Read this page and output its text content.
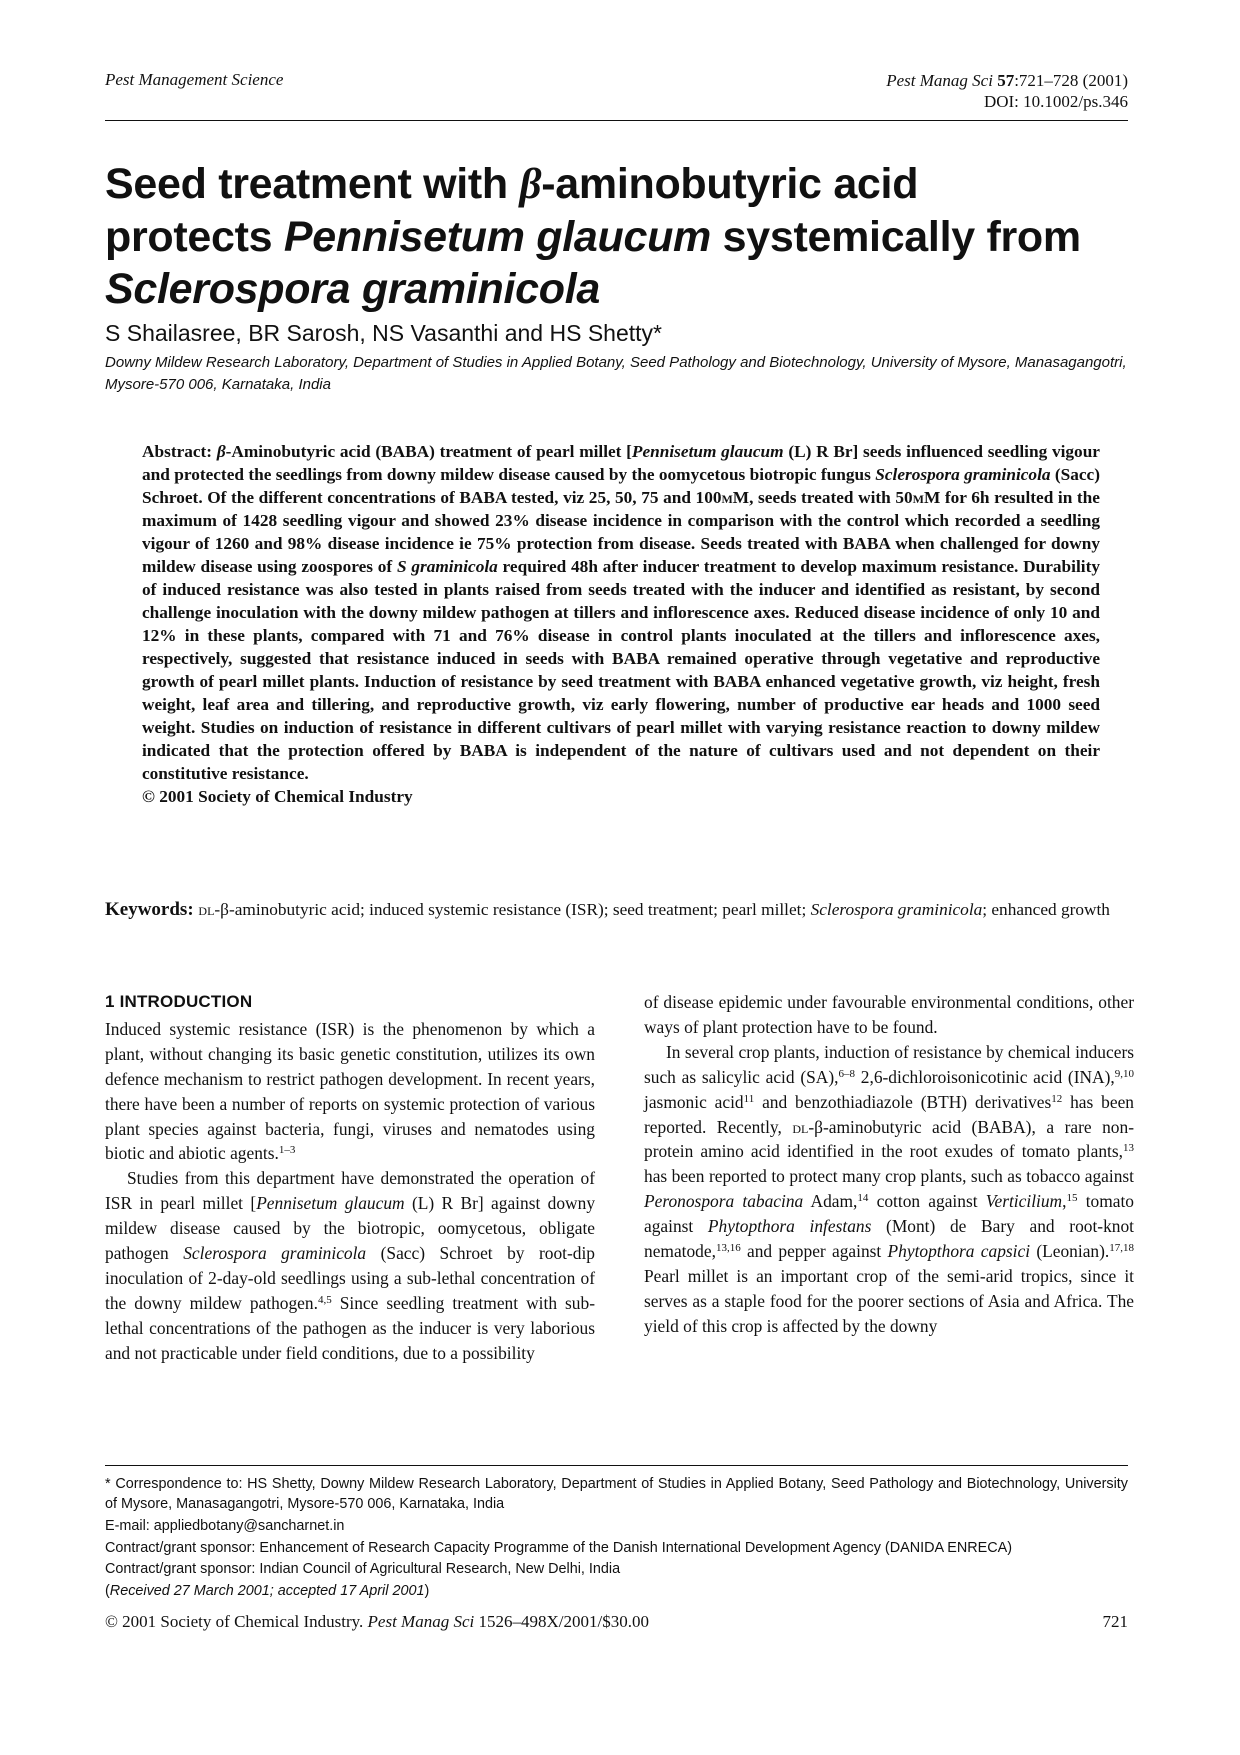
Pest Management Science	Pest Manag Sci 57:721–728 (2001)
DOI: 10.1002/ps.346
Seed treatment with β-aminobutyric acid
protects Pennisetum glaucum systemically from
Sclerospora graminicola
S Shailasree, BR Sarosh, NS Vasanthi and HS Shetty*
Downy Mildew Research Laboratory, Department of Studies in Applied Botany, Seed Pathology and Biotechnology, University of Mysore, Manasagangotri, Mysore-570 006, Karnataka, India
Abstract: β-Aminobutyric acid (BABA) treatment of pearl millet [Pennisetum glaucum (L) R Br] seeds influenced seedling vigour and protected the seedlings from downy mildew disease caused by the oomycetous biotropic fungus Sclerospora graminicola (Sacc) Schroet. Of the different concentrations of BABA tested, viz 25, 50, 75 and 100mM, seeds treated with 50mM for 6h resulted in the maximum of 1428 seedling vigour and showed 23% disease incidence in comparison with the control which recorded a seedling vigour of 1260 and 98% disease incidence ie 75% protection from disease. Seeds treated with BABA when challenged for downy mildew disease using zoospores of S graminicola required 48h after inducer treatment to develop maximum resistance. Durability of induced resistance was also tested in plants raised from seeds treated with the inducer and identified as resistant, by second challenge inoculation with the downy mildew pathogen at tillers and inflorescence axes. Reduced disease incidence of only 10 and 12% in these plants, compared with 71 and 76% disease in control plants inoculated at the tillers and inflorescence axes, respectively, suggested that resistance induced in seeds with BABA remained operative through vegetative and reproductive growth of pearl millet plants. Induction of resistance by seed treatment with BABA enhanced vegetative growth, viz height, fresh weight, leaf area and tillering, and reproductive growth, viz early flowering, number of productive ear heads and 1000 seed weight. Studies on induction of resistance in different cultivars of pearl millet with varying resistance reaction to downy mildew indicated that the protection offered by BABA is independent of the nature of cultivars used and not dependent on their constitutive resistance.
© 2001 Society of Chemical Industry
Keywords: dl-β-aminobutyric acid; induced systemic resistance (ISR); seed treatment; pearl millet; Sclerospora graminicola; enhanced growth
1 INTRODUCTION

Induced systemic resistance (ISR) is the phenomenon by which a plant, without changing its basic genetic constitution, utilizes its own defence mechanism to restrict pathogen development. In recent years, there have been a number of reports on systemic protection of various plant species against bacteria, fungi, viruses and nematodes using biotic and abiotic agents.$^{1-3}$

Studies from this department have demonstrated the operation of ISR in pearl millet [Pennisetum glaucum (L) R Br] against downy mildew disease caused by the biotropic, oomycetous, obligate pathogen Sclerospora graminicola (Sacc) Schroet by root-dip inoculation of 2-day-old seedlings using a sub-lethal concentration of the downy mildew pathogen.$^{4,5}$ Since seedling treatment with sub-lethal concentrations of the pathogen as the inducer is very laborious and not practicable under field conditions, due to a possibility

of disease epidemic under favourable environmental conditions, other ways of plant protection have to be found.

In several crop plants, induction of resistance by chemical inducers such as salicylic acid (SA),$^{6-8}$ 2,6-dichloroisonicotinic acid (INA),$^{9,10}$ jasmonic acid$^{11}$ and benzothiadiazole (BTH) derivatives$^{12}$ has been reported. Recently, dl-β-aminobutyric acid (BABA), a rare non-protein amino acid identified in the root exudes of tomato plants,$^{13}$ has been reported to protect many crop plants, such as tobacco against Peronospora tabacina Adam,$^{14}$ cotton against Verticilium,$^{15}$ tomato against Phytopthora infestans (Mont) de Bary and root-knot nematode,$^{13,16}$ and pepper against Phytopthora capsici (Leonian).$^{17,18}$ Pearl millet is an important crop of the semi-arid tropics, since it serves as a staple food for the poorer sections of Asia and Africa. The yield of this crop is affected by the downy

* Correspondence to: HS Shetty, Downy Mildew Research Laboratory, Department of Studies in Applied Botany, Seed Pathology and Biotechnology, University of Mysore, Manasagangotri, Mysore-570 006, Karnataka, India
E-mail: appliedbotany@sancharnet.in
Contract/grant sponsor: Enhancement of Research Capacity Programme of the Danish International Development Agency (DANIDA ENRECA)
Contract/grant sponsor: Indian Council of Agricultural Research, New Delhi, India
(Received 27 March 2001; accepted 17 April 2001)
© 2001 Society of Chemical Industry. Pest Manag Sci 1526–498X/2001/$30.00	721
